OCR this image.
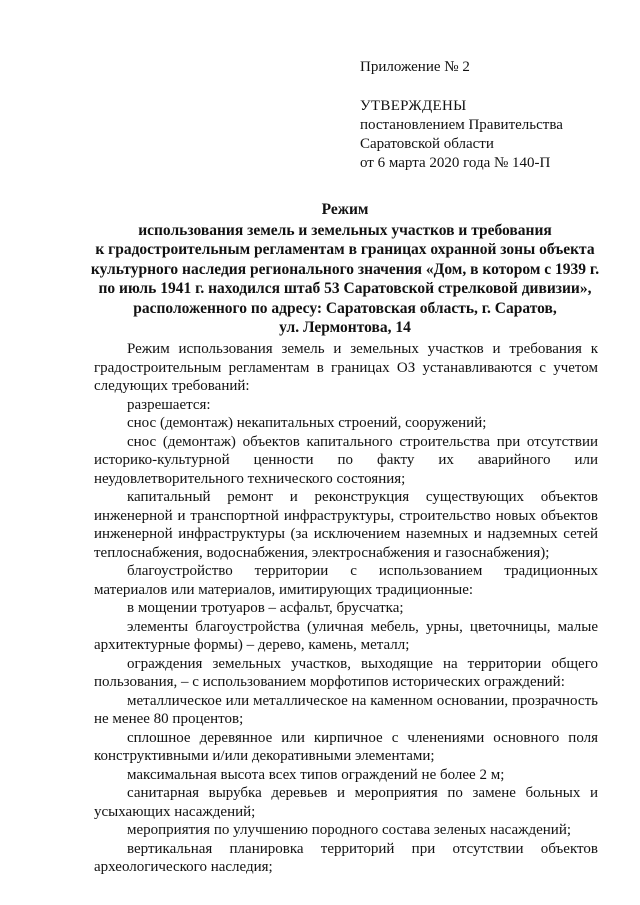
Приложение № 2
УТВЕРЖДЕНЫ
постановлением Правительства
Саратовской области
от 6 марта 2020 года № 140-П
Режим
использования земель и земельных участков и требования
к градостроительным регламентам в границах охранной зоны объекта
культурного наследия регионального значения «Дом, в котором с 1939 г.
по июль 1941 г. находился штаб 53 Саратовской стрелковой дивизии»,
расположенного по адресу: Саратовская область, г. Саратов,
ул. Лермонтова, 14

Режим использования земель и земельных участков и требования к градостроительным регламентам в границах ОЗ устанавливаются с учетом следующих требований:

разрешается:

снос (демонтаж) некапитальных строений, сооружений;

снос (демонтаж) объектов капитального строительства при отсутствии историко-культурной ценности по факту их аварийного или неудовлетворительного технического состояния;

капитальный ремонт и реконструкция существующих объектов инженерной и транспортной инфраструктуры, строительство новых объектов инженерной инфраструктуры (за исключением наземных и надземных сетей теплоснабжения, водоснабжения, электроснабжения и газоснабжения);

благоустройство территории с использованием традиционных материалов или материалов, имитирующих традиционные:

в мощении тротуаров – асфальт, брусчатка;

элементы благоустройства (уличная мебель, урны, цветочницы, малые архитектурные формы) – дерево, камень, металл;

ограждения земельных участков, выходящие на территории общего пользования, – с использованием морфотипов исторических ограждений:

металлическое или металлическое на каменном основании, прозрачность не менее 80 процентов;

сплошное деревянное или кирпичное с членениями основного поля конструктивными и/или декоративными элементами;

максимальная высота всех типов ограждений не более 2 м;

санитарная вырубка деревьев и мероприятия по замене больных и усыхающих насаждений;

мероприятия по улучшению породного состава зеленых насаждений;

вертикальная планировка территорий при отсутствии объектов археологического наследия;
